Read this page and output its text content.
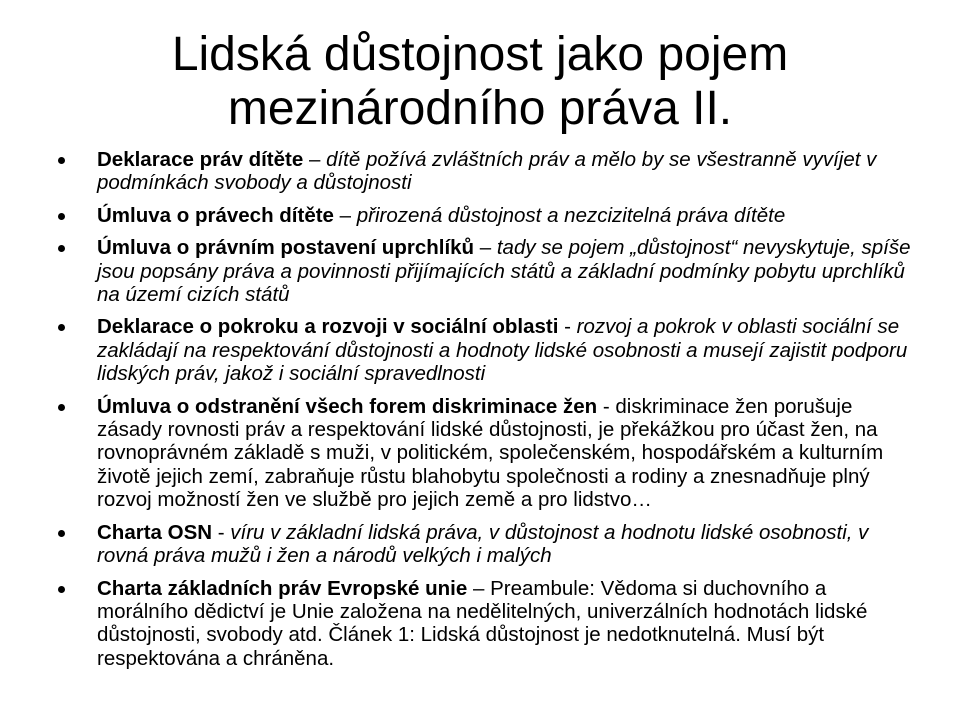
Lidská důstojnost jako pojem
mezinárodního práva II.
Deklarace práv dítěte – dítě požívá zvláštních práv a mělo by se všestranně vyvíjet v podmínkách svobody a důstojnosti
Úmluva o právech dítěte – přirozená důstojnost a nezcizitelná práva dítěte
Úmluva o právním postavení uprchlíků – tady se pojem „důstojnost“ nevyskytuje, spíše jsou popsány práva a povinnosti přijímajících států a základní podmínky pobytu uprchlíků na území cizích států
Deklarace o pokroku a rozvoji v sociální oblasti - rozvoj a pokrok v oblasti sociální se zakládají na respektování důstojnosti a hodnoty lidské osobnosti a musejí zajistit podporu lidských práv, jakož i sociální spravedlnosti
Úmluva o odstranění všech forem diskriminace žen - diskriminace žen porušuje zásady rovnosti práv a respektování lidské důstojnosti, je překážkou pro účast žen, na rovnoprávném základě s muži, v politickém, společenském, hospodářském a kulturním životě jejich zemí, zabraňuje růstu blahobytu společnosti a rodiny a znesnadňuje plný rozvoj možností žen ve službě pro jejich země a pro lidstvo…
Charta OSN - víru v základní lidská práva, v důstojnost a hodnotu lidské osobnosti, v rovná práva mužů i žen a národů velkých i malých
Charta základních práv Evropské unie – Preambule: Vědoma si duchovního a morálního dědictví je Unie založena na nedělitelných, univerzálních hodnotách lidské důstojnosti, svobody atd. Článek 1: Lidská důstojnost je nedotknutelná. Musí být respektována a chráněna.
